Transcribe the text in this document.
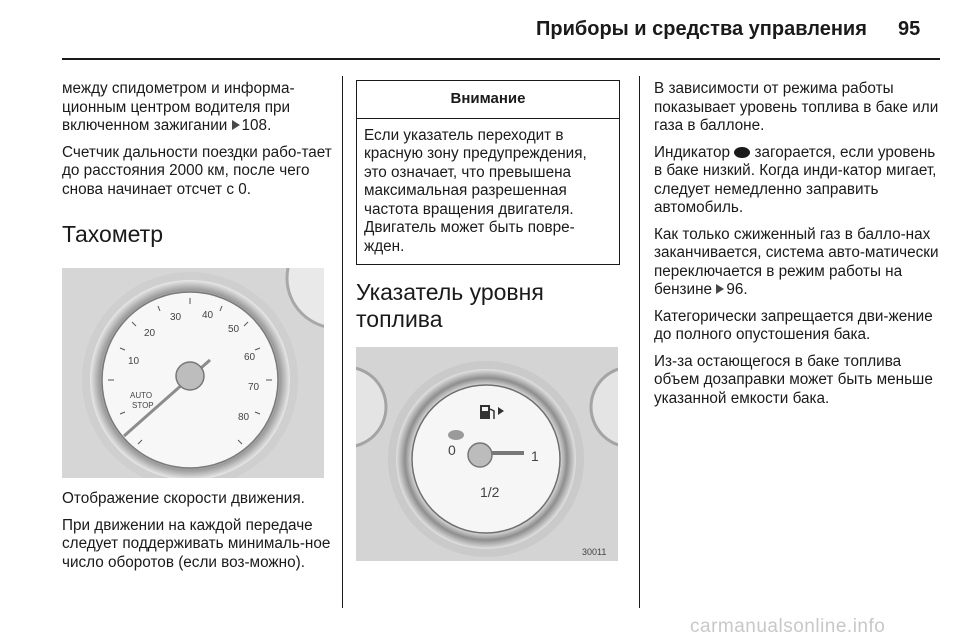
Приборы и средства управления 95

между спидометром и информа-ционным центром водителя при включенном зажигании 108.

Счетчик дальности поездки рабо-тает до расстояния 2000 км, после чего снова начинает отсчет с 0.

Тахометр
10
20
30 40
50
60
70
80
AUTO
STOP

Отображение скорости движения.

При движении на каждой передаче следует поддерживать минималь-ное число оборотов (если воз-можно).

Внимание
Если указатель переходит в красную зону предупреждения, это означает, что превышена максимальная разрешенная частота вращения двигателя. Двигатель может быть повре-жден.
Указатель уровня топлива
0	1
1/2
30011

В зависимости от режима работы показывает уровень топлива в баке или газа в баллоне.

Индикатор загорается, если уровень в баке низкий. Когда инди-катор мигает, следует немедленно заправить автомобиль.

Как только сжиженный газ в балло-нах заканчивается, система авто-матически переключается в режим работы на бензине 96.

Категорически запрещается дви-жение до полного опустошения бака.

Из-за остающегося в баке топлива объем дозаправки может быть меньше указанной емкости бака.

carmanualsonline.info
